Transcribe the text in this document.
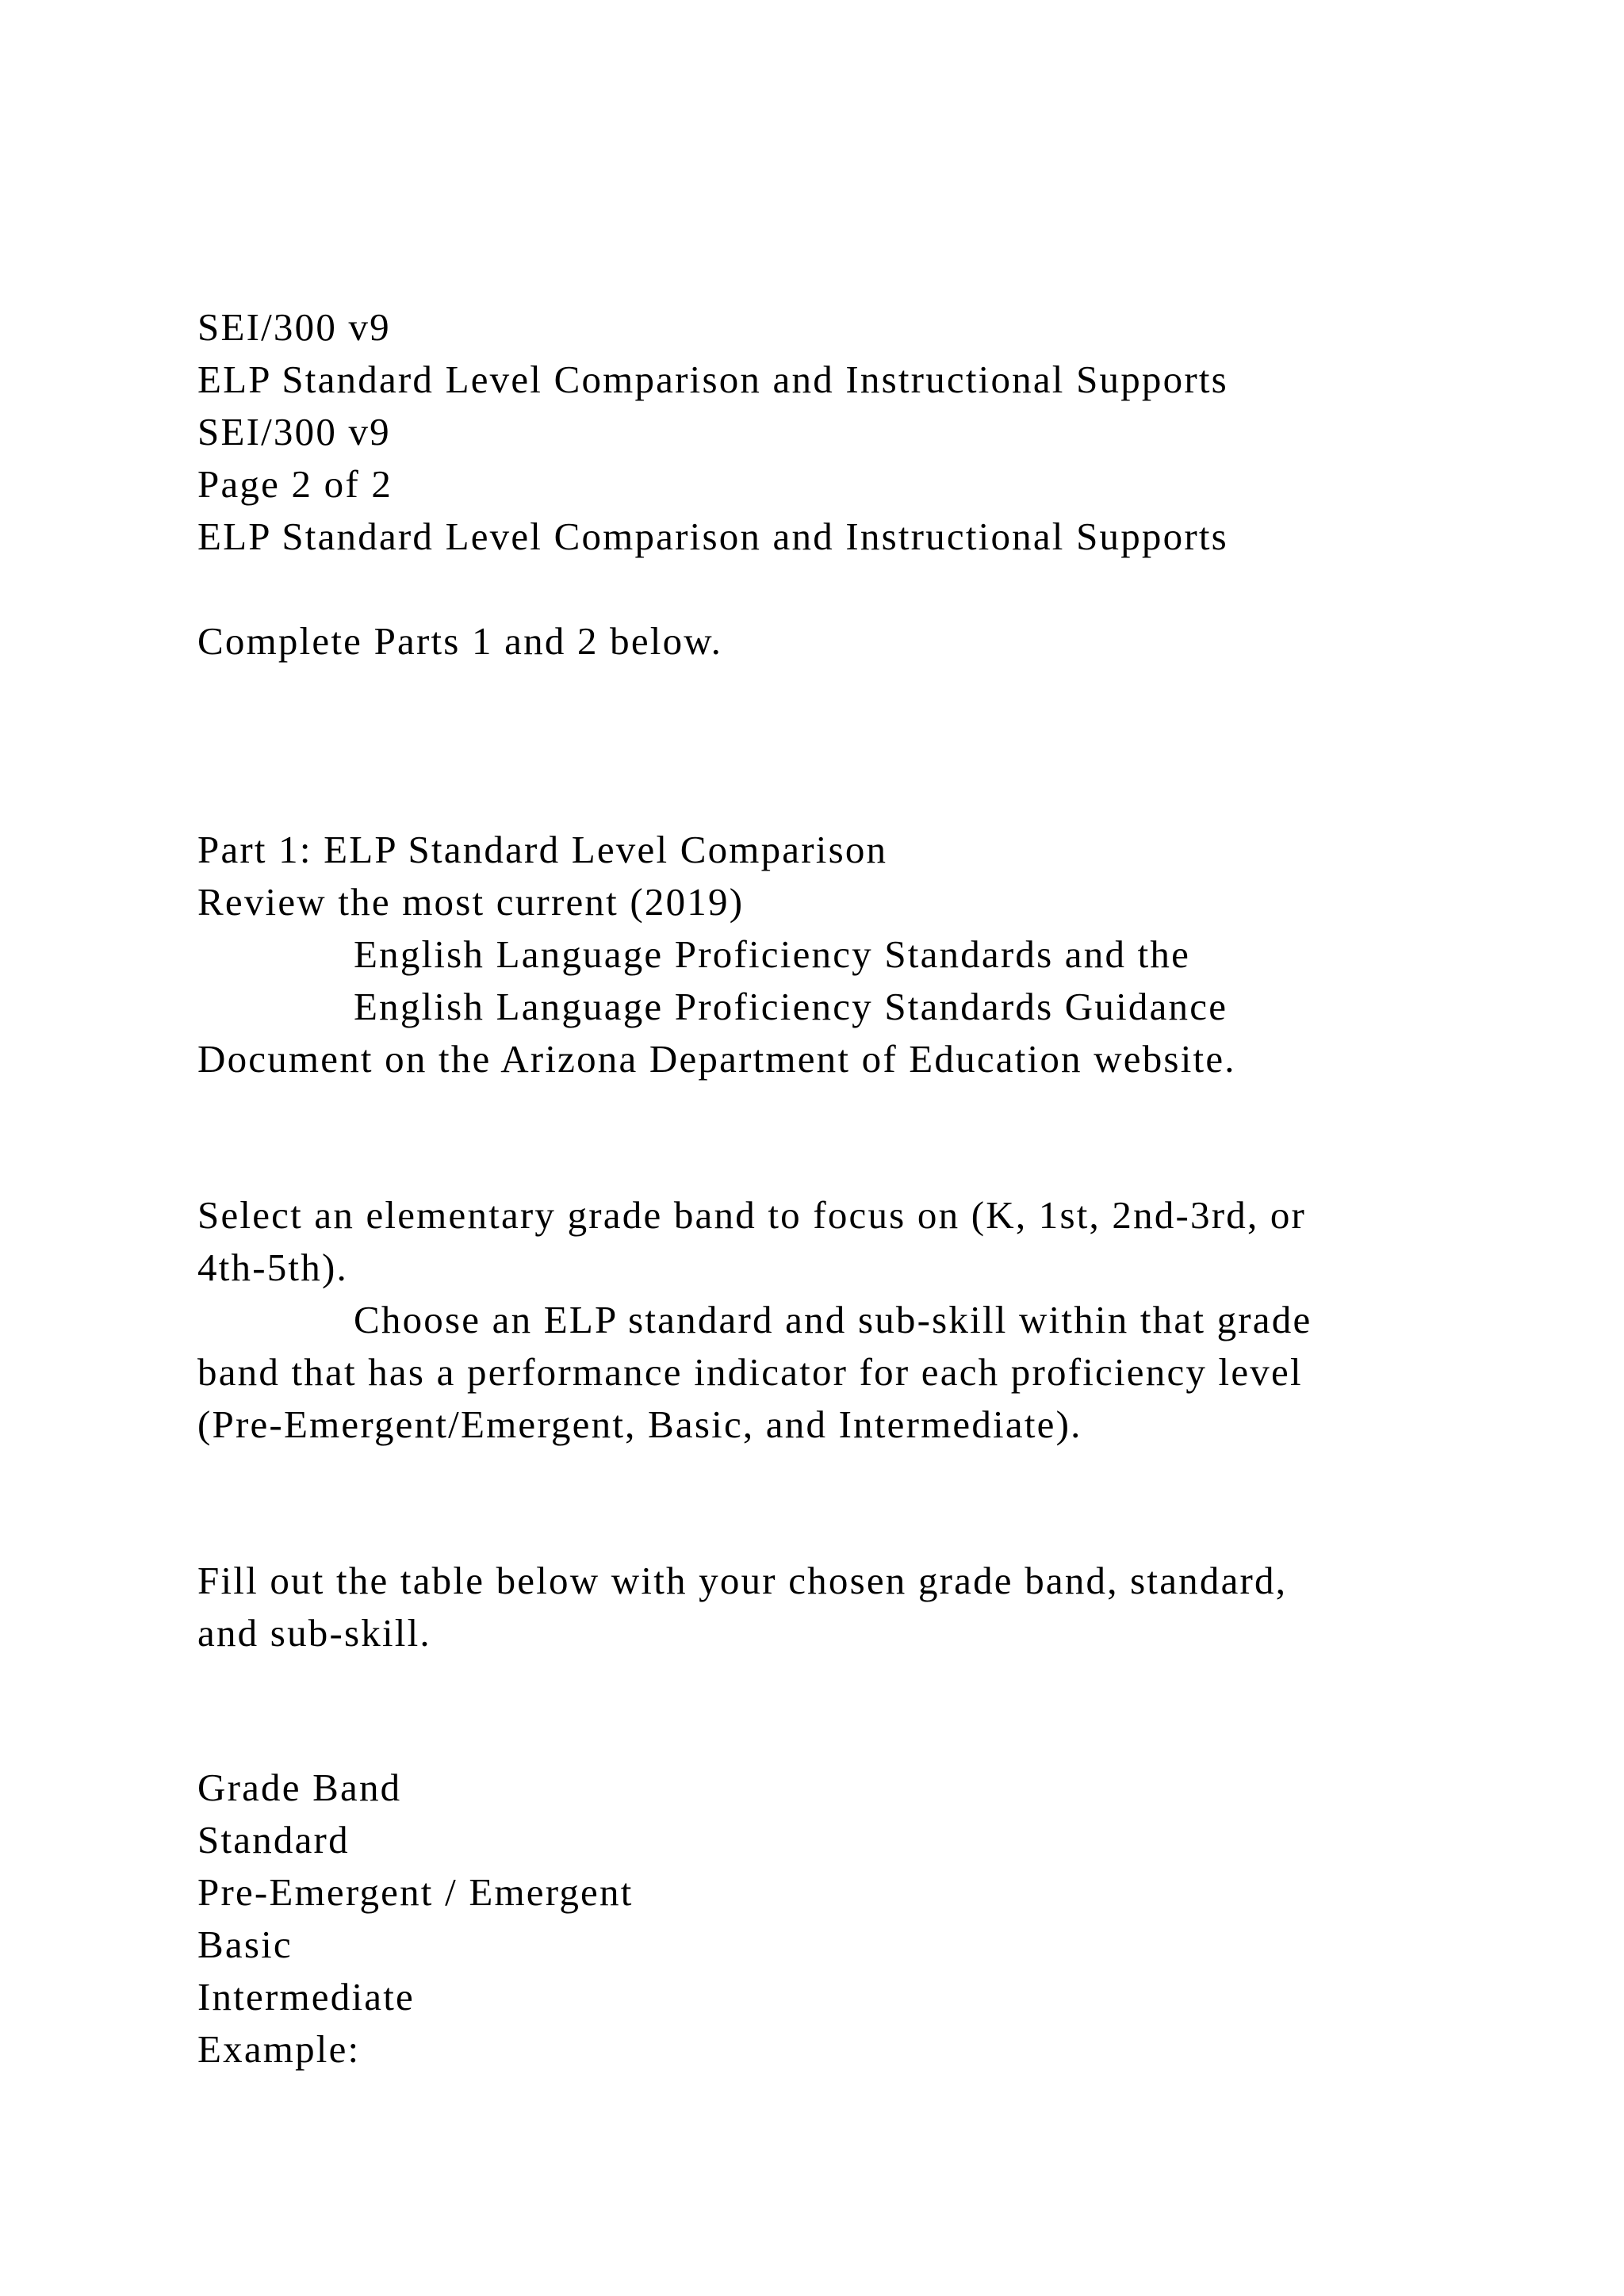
SEI/300 v9
ELP Standard Level Comparison and Instructional Supports
SEI/300 v9
Page 2 of 2
ELP Standard Level Comparison and Instructional Supports
Complete Parts 1 and 2 below.
Part 1: ELP Standard Level Comparison
Review the most current (2019)
English Language Proficiency Standards and the
English Language Proficiency Standards Guidance
Document on the Arizona Department of Education website.
Select an elementary grade band to focus on (K, 1st, 2nd-3rd, or
4th-5th).
Choose an ELP standard and sub-skill within that grade
band that has a performance indicator for each proficiency level
(Pre-Emergent/Emergent, Basic, and Intermediate).
Fill out the table below with your chosen grade band, standard,
and sub-skill.
Grade Band
Standard
Pre-Emergent / Emergent
Basic
Intermediate
Example:
